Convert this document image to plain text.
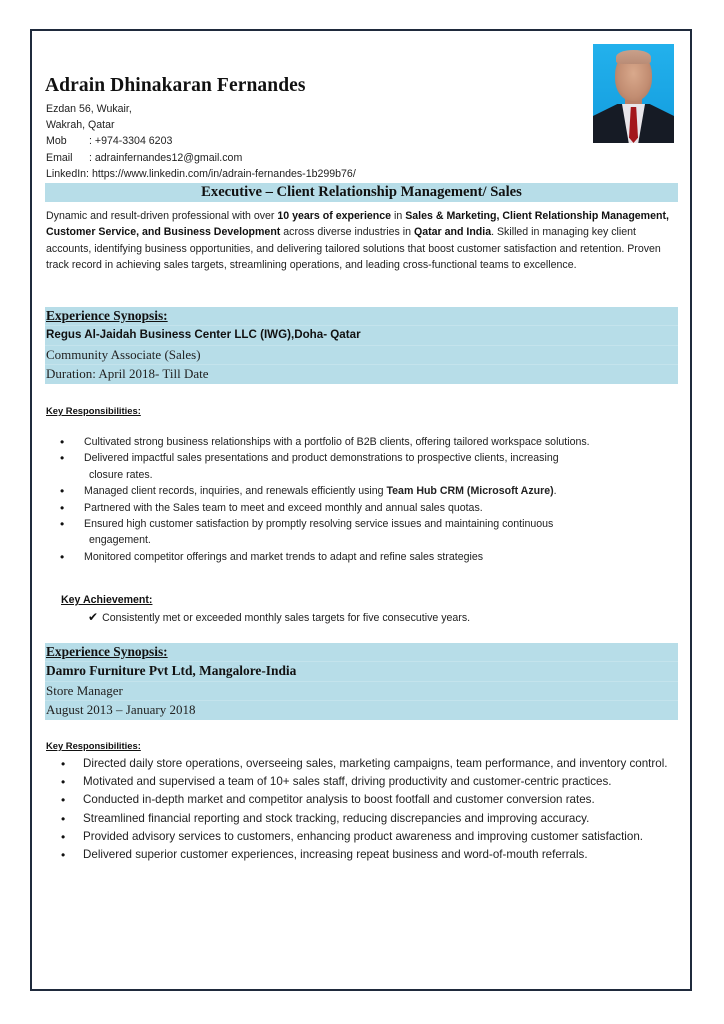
Adrain Dhinakaran Fernandes
Ezdan 56, Wukair,
Wakrah, Qatar
Mob : +974-3304 6203
Email : adrainfernandes12@gmail.com
LinkedIn: https://www.linkedin.com/in/adrain-fernandes-1b299b76/
Executive – Client Relationship Management/ Sales
Dynamic and result-driven professional with over 10 years of experience in Sales & Marketing, Client Relationship Management, Customer Service, and Business Development across diverse industries in Qatar and India. Skilled in managing key client accounts, identifying business opportunities, and delivering tailored solutions that boost customer satisfaction and retention. Proven track record in achieving sales targets, streamlining operations, and leading cross-functional teams to excellence.
Experience Synopsis:
Regus Al-Jaidah Business Center LLC (IWG),Doha- Qatar
Community Associate (Sales)
Duration: April 2018- Till Date
Key Responsibilities:
• Cultivated strong business relationships with a portfolio of B2B clients, offering tailored workspace solutions.
• Delivered impactful sales presentations and product demonstrations to prospective clients, increasing
closure rates.
• Managed client records, inquiries, and renewals efficiently using Team Hub CRM (Microsoft Azure).
• Partnered with the Sales team to meet and exceed monthly and annual sales quotas.
• Ensured high customer satisfaction by promptly resolving service issues and maintaining continuous
engagement.
• Monitored competitor offerings and market trends to adapt and refine sales strategies
Key Achievement:
✔ Consistently met or exceeded monthly sales targets for five consecutive years.
Experience Synopsis:
Damro Furniture Pvt Ltd, Mangalore-India
Store Manager
August 2013 – January 2018
Key Responsibilities:
• Directed daily store operations, overseeing sales, marketing campaigns, team performance, and inventory control.
• Motivated and supervised a team of 10+ sales staff, driving productivity and customer-centric practices.
• Conducted in-depth market and competitor analysis to boost footfall and customer conversion rates.
• Streamlined financial reporting and stock tracking, reducing discrepancies and improving accuracy.
• Provided advisory services to customers, enhancing product awareness and improving customer satisfaction.
• Delivered superior customer experiences, increasing repeat business and word-of-mouth referrals.
